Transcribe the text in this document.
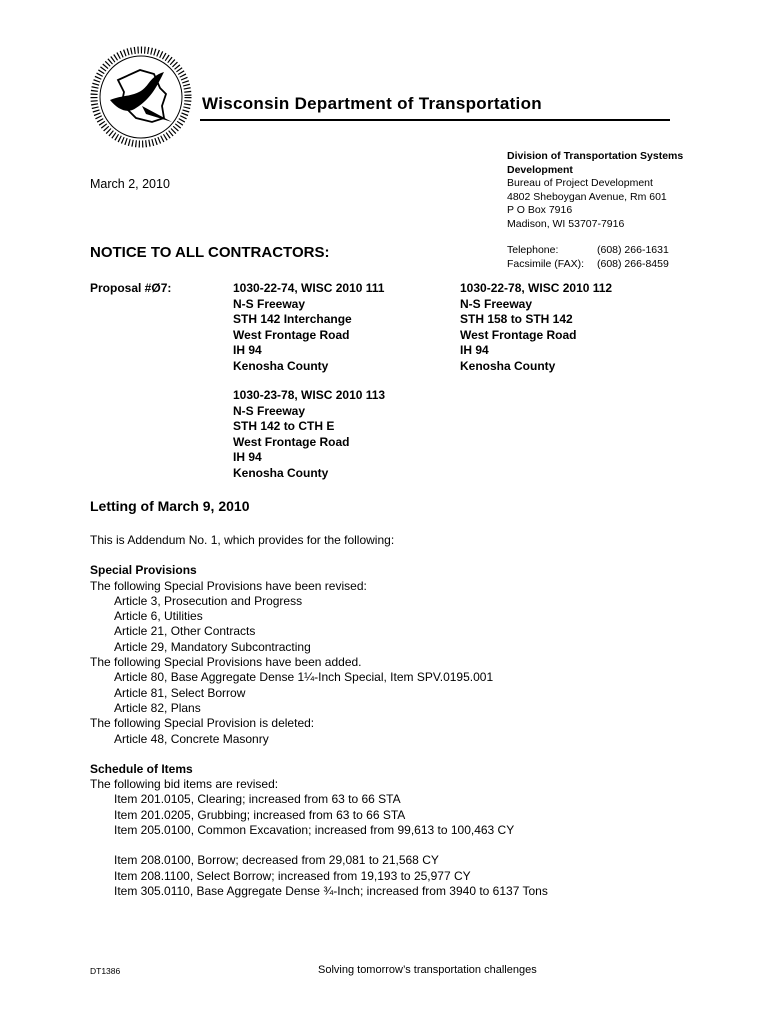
Wisconsin Department of Transportation
Division of Transportation Systems
Development
Bureau of Project Development
4802 Sheboygan Avenue, Rm 601
P O Box 7916
Madison, WI 53707-7916
Telephone:	(608) 266-1631
Facsimile (FAX):	(608) 266-8459
March 2, 2010
NOTICE TO ALL CONTRACTORS:
Proposal #Ø7:	1030-22-74, WISC 2010 111
N-S Freeway
STH 142 Interchange
West Frontage Road
IH 94
Kenosha County
1030-22-78, WISC 2010 112
N-S Freeway
STH 158 to STH 142
West Frontage Road
IH 94
Kenosha County
1030-23-78, WISC 2010 113
N-S Freeway
STH 142 to CTH E
West Frontage Road
IH 94
Kenosha County
Letting of March 9, 2010
This is Addendum No. 1, which provides for the following:
Special Provisions
The following Special Provisions have been revised:
Article 3, Prosecution and Progress
Article 6, Utilities
Article 21, Other Contracts
Article 29, Mandatory Subcontracting
The following Special Provisions have been added.
Article 80, Base Aggregate Dense 1¼-Inch Special, Item SPV.0195.001
Article 81, Select Borrow
Article 82, Plans
The following Special Provision is deleted:
Article 48, Concrete Masonry
Schedule of Items
The following bid items are revised:
Item 201.0105, Clearing; increased from 63 to 66 STA
Item 201.0205, Grubbing; increased from 63 to 66 STA
Item 205.0100, Common Excavation; increased from 99,613 to 100,463 CY
Item 208.0100, Borrow; decreased from 29,081 to 21,568 CY
Item 208.1100, Select Borrow; increased from 19,193 to 25,977 CY
Item 305.0110, Base Aggregate Dense ¾-Inch; increased from 3940 to 6137 Tons
DT1386	Solving tomorrow’s transportation challenges
